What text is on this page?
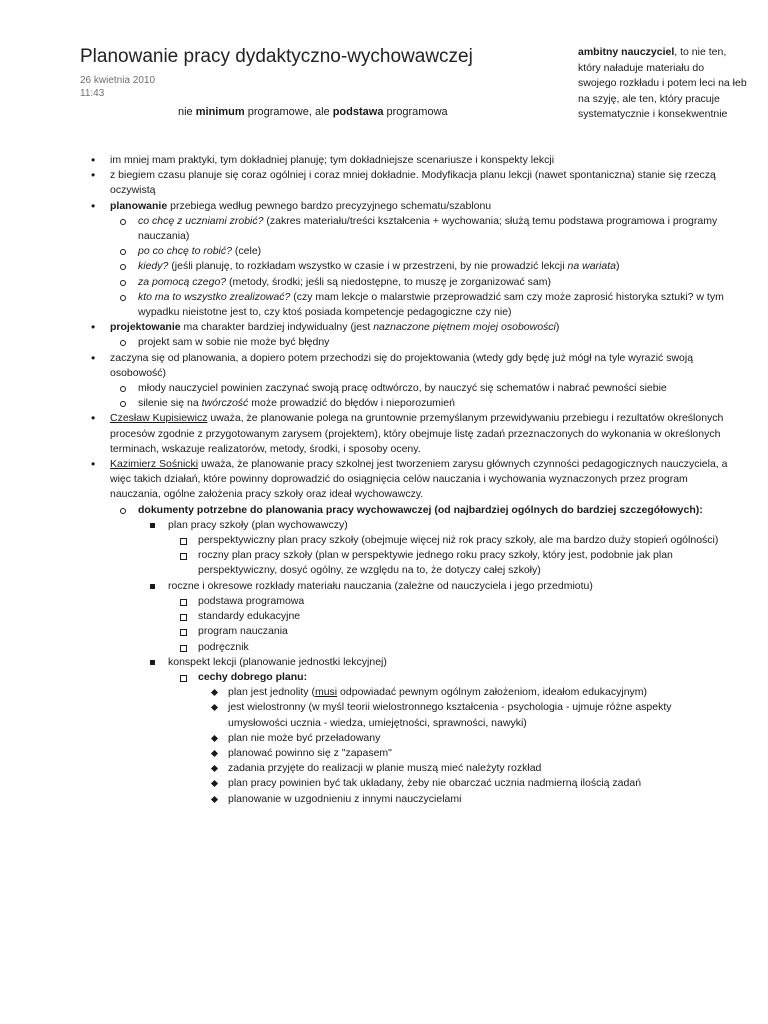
Planowanie pracy dydaktyczno-wychowawczej
26 kwietnia 2010
11:43
ambitny nauczyciel, to nie ten,
który naładuje materiału do
swojego rozkładu i potem leci na łeb
na szyję, ale ten, który pracuje
systematycznie i konsekwentnie
nie minimum programowe, ale podstawa programowa
• im mniej mam praktyki, tym dokładniej planuję; tym dokładniejsze scenariusze i konspekty lekcji
• z biegiem czasu planuje się coraz ogólniej i coraz mniej dokładnie. Modyfikacja planu lekcji (nawet spontaniczna) stanie się rzeczą oczywistą
• planowanie przebiega według pewnego bardzo precyzyjnego schematu/szablonu
co chcę z uczniami zrobić? (zakres materiału/treści kształcenia + wychowania; służą temu podstawa programowa i programy nauczania)
po co chcę to robić? (cele)
kiedy? (jeśli planuję, to rozkładam wszystko w czasie i w przestrzeni, by nie prowadzić lekcji na wariata)
za pomocą czego? (metody, środki; jeśli są niedostępne, to muszę je zorganizować sam)
kto ma to wszystko zrealizować? (czy mam lekcje o malarstwie przeprowadzić sam czy może zaprosić historyka sztuki? w tym wypadku nieistotne jest to, czy ktoś posiada kompetencje pedagogiczne czy nie)
• projektowanie ma charakter bardziej indywidualny (jest naznaczone piętnem mojej osobowości)
projekt sam w sobie nie może być błędny
• zaczyna się od planowania, a dopiero potem przechodzi się do projektowania (wtedy gdy będę już mógł na tyle wyrazić swoją osobowość)
młody nauczyciel powinien zaczynać swoją pracę odtwórczo, by nauczyć się schematów i nabrać pewności siebie
silenie się na twórczość może prowadzić do błędów i nieporozumień
• Czesław Kupisiewicz uważa, że planowanie polega na gruntownie przemyślanym przewidywaniu przebiegu i rezultatów określonych procesów zgodnie z przygotowanym zarysem (projektem), który obejmuje listę zadań przeznaczonych do wykonania w określonych terminach, wskazuje realizatorów, metody, środki, i sposoby oceny.
• Kazimierz Sośnicki uważa, że planowanie pracy szkolnej jest tworzeniem zarysu głównych czynności pedagogicznych nauczyciela, a więc takich działań, które powinny doprowadzić do osiągnięcia celów nauczania i wychowania wyznaczonych przez program nauczania, ogólne założenia pracy szkoły oraz ideał wychowawczy.
dokumenty potrzebne do planowania pracy wychowawczej (od najbardziej ogólnych do bardziej szczegółowych):
plan pracy szkoły (plan wychowawczy)
perspektywiczny plan pracy szkoły (obejmuje więcej niż rok pracy szkoły, ale ma bardzo duży stopień ogólności)
roczny plan pracy szkoły (plan w perspektywie jednego roku pracy szkoły, który jest, podobnie jak plan perspektywiczny, dosyć ogólny, ze względu na to, że dotyczy całej szkoły)
roczne i okresowe rozkłady materiału nauczania (zależne od nauczyciela i jego przedmiotu)
podstawa programowa
standardy edukacyjne
program nauczania
podręcznik
konspekt lekcji (planowanie jednostki lekcyjnej)
cechy dobrego planu:
plan jest jednolity (musi odpowiadać pewnym ogólnym założeniom, ideałom edukacyjnym)
jest wielostronny (w myśl teorii wielostronnego kształcenia - psychologia - ujmuje różne aspekty umysłowości ucznia - wiedza, umiejętności, sprawności, nawyki)
plan nie może być przeładowany
planować powinno się z "zapasem"
zadania przyjęte do realizacji w planie muszą mieć należyty rozkład
plan pracy powinien być tak układany, żeby nie obarczać ucznia nadmierną ilością zadań
planowanie w uzgodnieniu z innymi nauczycielami
